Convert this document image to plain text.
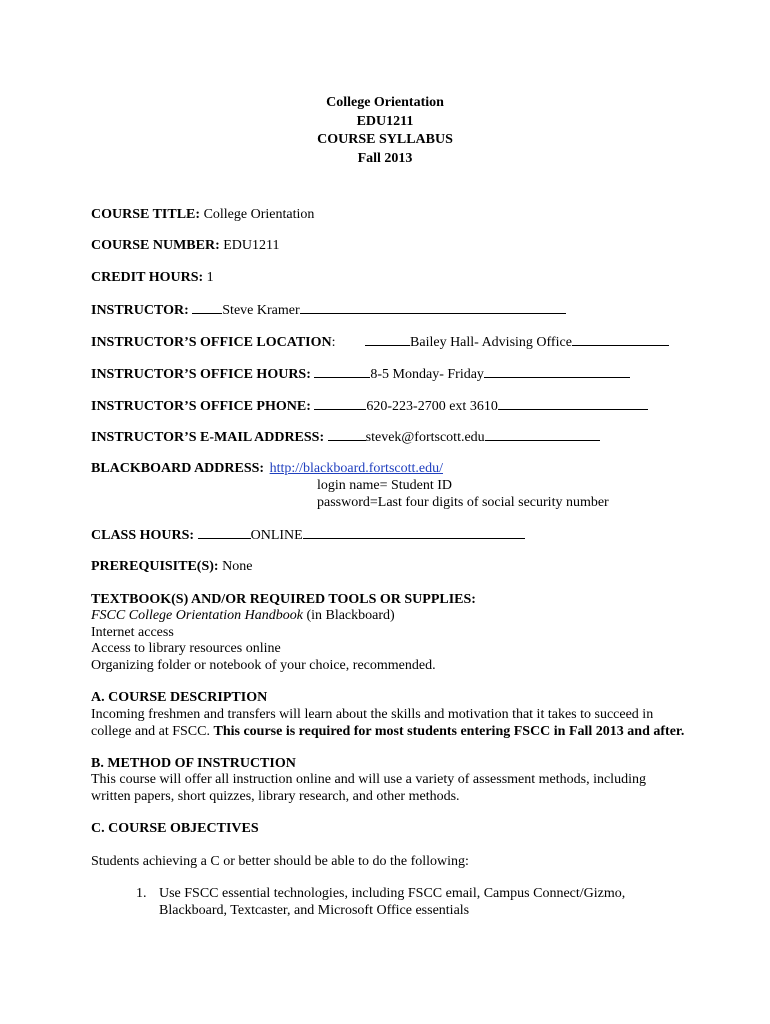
College Orientation
EDU1211
COURSE SYLLABUS
Fall 2013
COURSE TITLE: College Orientation
COURSE NUMBER: EDU1211
CREDIT HOURS: 1
INSTRUCTOR: Steve Kramer
INSTRUCTOR’S OFFICE LOCATION:	Bailey Hall- Advising Office
INSTRUCTOR’S OFFICE HOURS:	8-5 Monday- Friday
INSTRUCTOR’S OFFICE PHONE:	620-223-2700 ext 3610
INSTRUCTOR’S E-MAIL ADDRESS:	stevek@fortscott.edu
BLACKBOARD ADDRESS: http://blackboard.fortscott.edu/
login name= Student ID
password=Last four digits of social security number
CLASS HOURS:	ONLINE
PREREQUISITE(S): None
TEXTBOOK(S) AND/OR REQUIRED TOOLS OR SUPPLIES:
FSCC College Orientation Handbook (in Blackboard)
Internet access
Access to library resources online
Organizing folder or notebook of your choice, recommended.
A. COURSE DESCRIPTION
Incoming freshmen and transfers will learn about the skills and motivation that it takes to succeed in college and at FSCC. This course is required for most students entering FSCC in Fall 2013 and after.
B. METHOD OF INSTRUCTION
This course will offer all instruction online and will use a variety of assessment methods, including written papers, short quizzes, library research, and other methods.
C. COURSE OBJECTIVES
Students achieving a C or better should be able to do the following:
1. Use FSCC essential technologies, including FSCC email, Campus Connect/Gizmo, Blackboard, Textcaster, and Microsoft Office essentials
